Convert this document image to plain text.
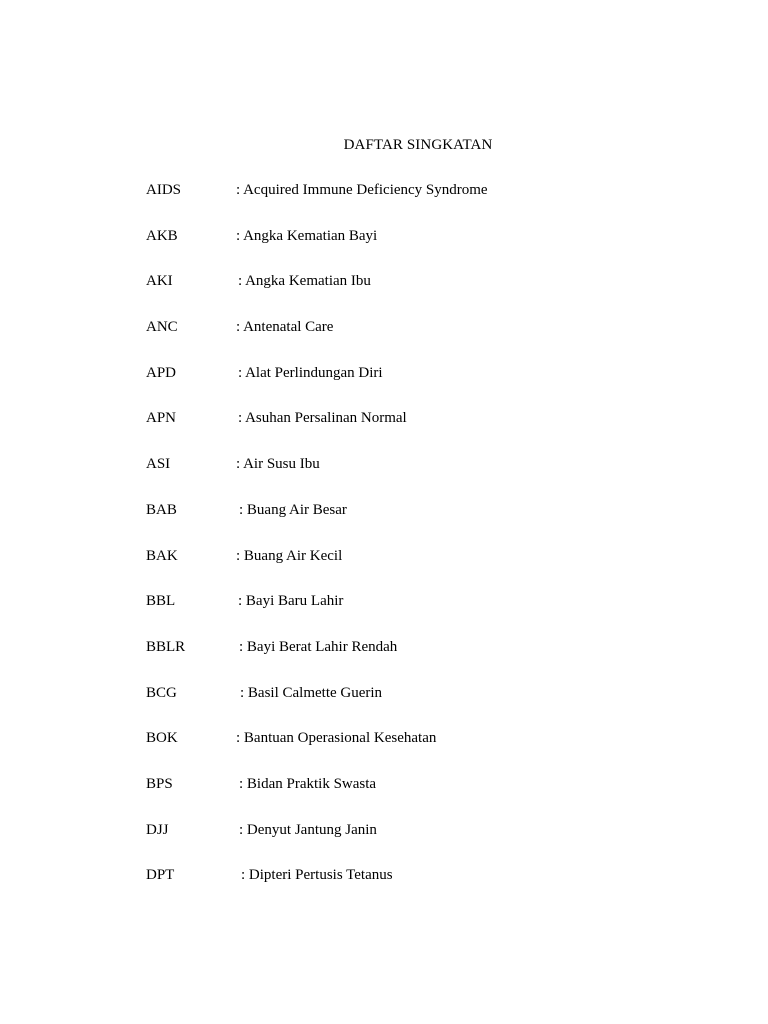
DAFTAR SINGKATAN
AIDS	: Acquired Immune Deficiency Syndrome
AKB	: Angka Kematian Bayi
AKI	: Angka Kematian Ibu
ANC	: Antenatal Care
APD	: Alat Perlindungan Diri
APN	: Asuhan Persalinan Normal
ASI	: Air Susu Ibu
BAB	: Buang Air Besar
BAK	: Buang Air Kecil
BBL	: Bayi Baru Lahir
BBLR	: Bayi Berat Lahir Rendah
BCG	: Basil Calmette Guerin
BOK	: Bantuan Operasional Kesehatan
BPS	: Bidan Praktik Swasta
DJJ	: Denyut Jantung Janin
DPT	: Dipteri Pertusis Tetanus
